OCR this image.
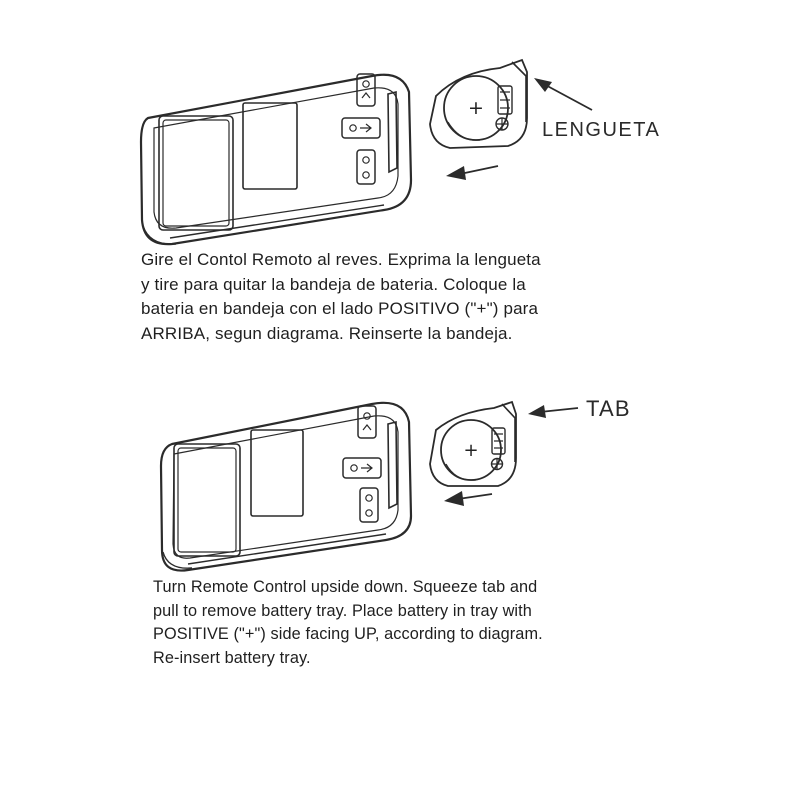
+
LENGUETA

Gire el Contol Remoto al reves. Exprima la lengueta
y tire para quitar la bandeja de bateria. Coloque la
bateria en bandeja con el lado POSITIVO ("+") para
ARRIBA, segun diagrama. Reinserte la bandeja.

+
TAB

Turn Remote Control upside down. Squeeze tab and
pull to remove battery tray. Place battery in tray with
POSITIVE ("+") side facing UP, according to diagram.
Re-insert battery tray.
